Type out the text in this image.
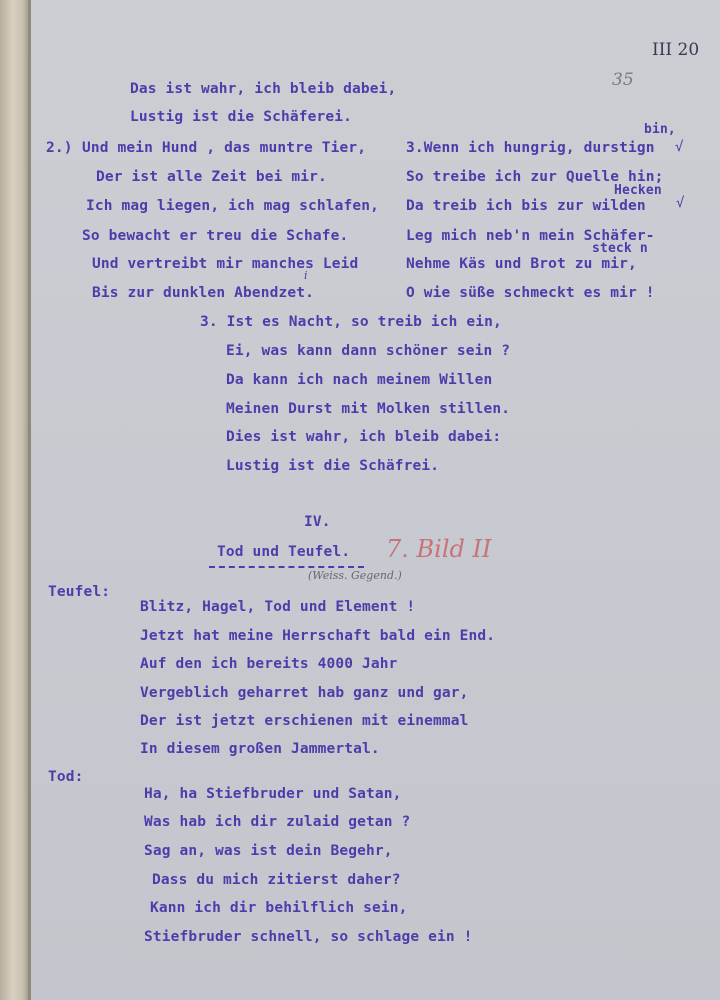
III 20
35
Das ist wahr, ich bleib dabei,
Lustig ist die Schäferei.
2.) Und mein Hund , das muntre Tier,
Der ist alle Zeit bei mir.
Ich mag liegen, ich mag schlafen,
So bewacht er treu die Schafe.
Und vertreibt mir manches Leid
Bis zur dunklen Abendzet.
i
3.Wenn ich hungrig, durstign
So treibe ich zur Quelle hin;
Da treib ich bis zur wilden
Leg mich neb'n mein Schäfer-
Nehme Käs und Brot zu mir,
O wie süße schmeckt es mir !
bin,
Hecken
steck n
√
√
3. Ist es Nacht, so treib ich ein,
Ei, was kann dann schöner sein ?
Da kann ich nach meinem Willen
Meinen Durst mit Molken stillen.
Dies ist wahr, ich bleib dabei:
Lustig ist die Schäfrei.
IV.
Tod und Teufel. 7. Bild II
(Weiss. Gegend.)
Teufel:
Blitz, Hagel, Tod und Element !
Jetzt hat meine Herrschaft bald ein End.
Auf den ich bereits 4000 Jahr
Vergeblich geharret hab ganz und gar,
Der ist jetzt erschienen mit einemmal
In diesem großen Jammertal.
Tod:
Ha, ha Stiefbruder und Satan,
Was hab ich dir zulaid getan ?
Sag an, was ist dein Begehr,
Dass du mich zitierst daher?
Kann ich dir behilflich sein,
Stiefbruder schnell, so schlage ein !
